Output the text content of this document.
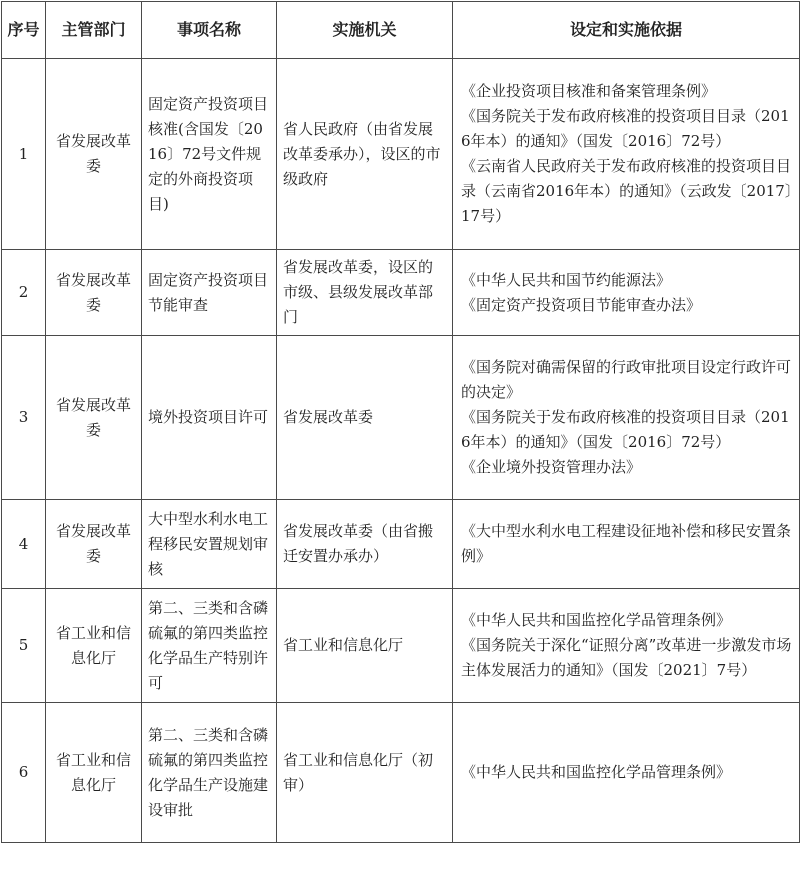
序号	主管部门	事项名称	实施机关	设定和实施依据
1	省发展改革委	固定资产投资项目核准(含国发〔2016〕72号文件规定的外商投资项目)	省人民政府（由省发展改革委承办），设区的市级政府	《企业投资项目核准和备案管理条例》
《国务院关于发布政府核准的投资项目目录（2016年本）的通知》（国发〔2016〕72号）
《云南省人民政府关于发布政府核准的投资项目目录（云南省2016年本）的通知》（云政发〔2017〕17号）

2	省发展改革委	固定资产投资项目节能审查	省发展改革委，设区的市级、县级发展改革部门	《中华人民共和国节约能源法》
《固定资产投资项目节能审查办法》

3	省发展改革委	境外投资项目许可	省发展改革委	《国务院对确需保留的行政审批项目设定行政许可的决定》
《国务院关于发布政府核准的投资项目目录（2016年本）的通知》（国发〔2016〕72号）
《企业境外投资管理办法》

4	省发展改革委	大中型水利水电工程移民安置规划审核	省发展改革委（由省搬迁安置办承办）	《大中型水利水电工程建设征地补偿和移民安置条例》

5	省工业和信息化厅	第二、三类和含磷硫氟的第四类监控化学品生产特别许可	省工业和信息化厅	《中华人民共和国监控化学品管理条例》
《国务院关于深化“证照分离”改革进一步激发市场主体发展活力的通知》（国发〔2021〕7号）

6	省工业和信息化厅	第二、三类和含磷硫氟的第四类监控化学品生产设施建设审批	省工业和信息化厅（初审）	《中华人民共和国监控化学品管理条例》
